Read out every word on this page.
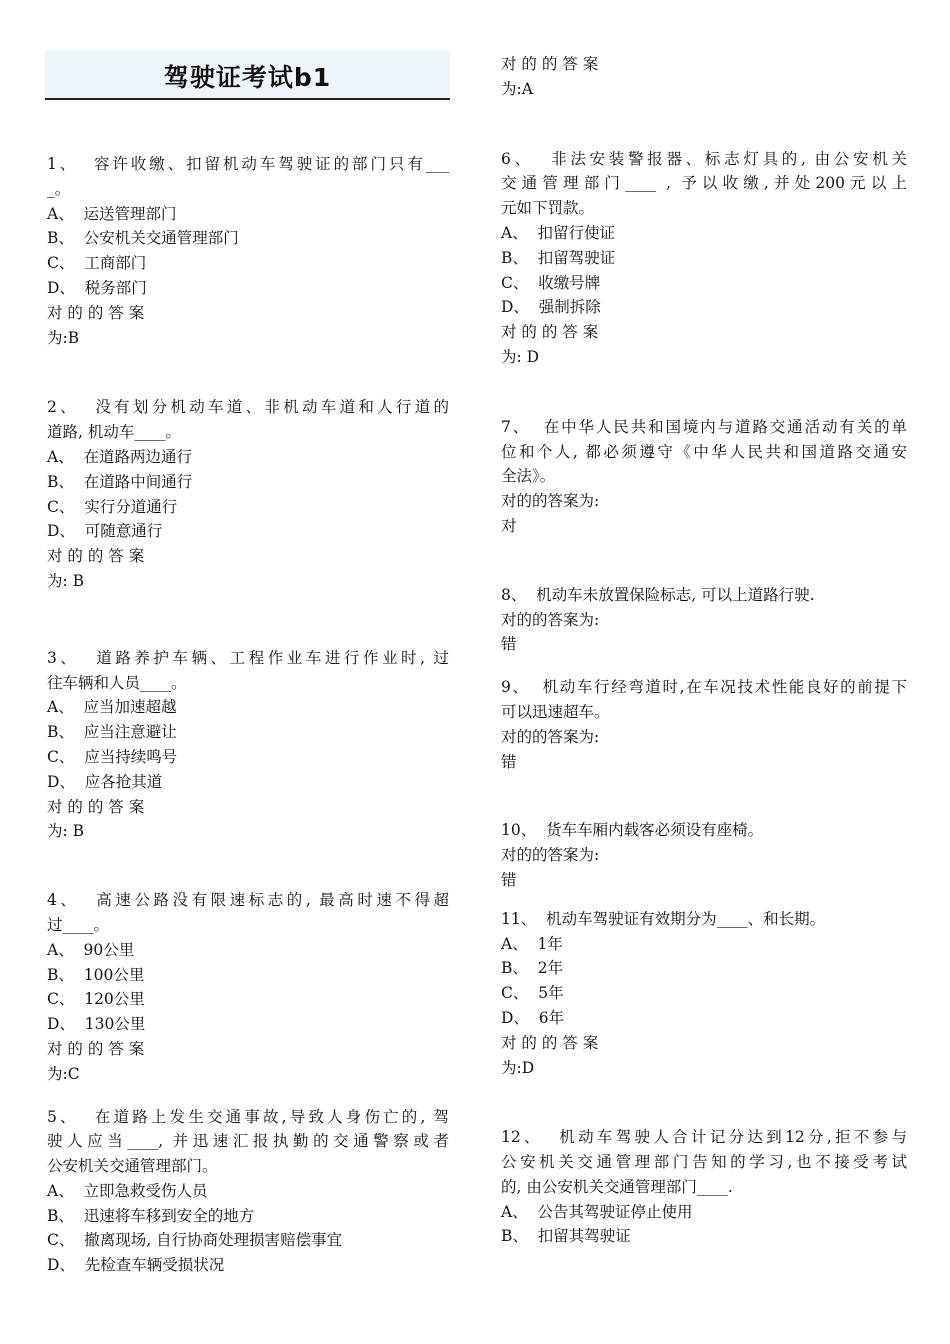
驾驶证考试b1
1、  容许收缴、扣留机动车驾驶证的部门只有___
_。
A、  运送管理部门
B、  公安机关交通管理部门
C、  工商部门
D、  税务部门
对 的 的 答 案
为:B
2、  没有划分机动车道、非机动车道和人行道的
道路, 机动车____。
A、  在道路两边通行
B、  在道路中间通行
C、  实行分道通行
D、  可随意通行
对 的 的 答 案
为: B
3、  道路养护车辆、工程作业车进行作业时, 过
往车辆和人员____。
A、  应当加速超越
B、  应当注意避让
C、  应当持续鸣号
D、  应各抢其道
对 的 的 答 案
为: B
4、  高速公路没有限速标志的, 最高时速不得超
过____。
A、  90公里
B、  100公里
C、  120公里
D、  130公里
对 的 的 答 案
为:C
5、  在道路上发生交通事故,导致人身伤亡的, 驾
驶人应当____, 并迅速汇报执勤的交通警察或者
公安机关交通管理部门。
A、  立即急救受伤人员
B、  迅速将车移到安全的地方
C、  撤离现场, 自行协商处理损害赔偿事宜
D、  先检查车辆受损状况
对 的 的 答 案
为:A
6、  非法安装警报器、标志灯具的, 由公安机关
交通管理部门____ , 予以收缴,并处200元以上
元如下罚款。
A、  扣留行使证
B、  扣留驾驶证
C、  收缴号牌
D、  强制拆除
对 的 的 答 案
为: D
7、  在中华人民共和国境内与道路交通活动有关的单
位和个人, 都必须遵守《中华人民共和国道路交通安
全法》。
对的的答案为:
对
8、  机动车未放置保险标志, 可以上道路行驶.
对的的答案为:
错
9、  机动车行经弯道时,在车况技术性能良好的前提下
可以迅速超车。
对的的答案为:
错
10、  货车车厢内载客必须设有座椅。
对的的答案为:
错
11、  机动车驾驶证有效期分为____、和长期。
A、  1年
B、  2年
C、  5年
D、  6年
对 的 的 答 案
为:D
12、  机动车驾驶人合计记分达到12分,拒不参与
公安机关交通管理部门告知的学习,也不接受考试
的, 由公安机关交通管理部门____.
A、  公告其驾驶证停止使用
B、  扣留其驾驶证
